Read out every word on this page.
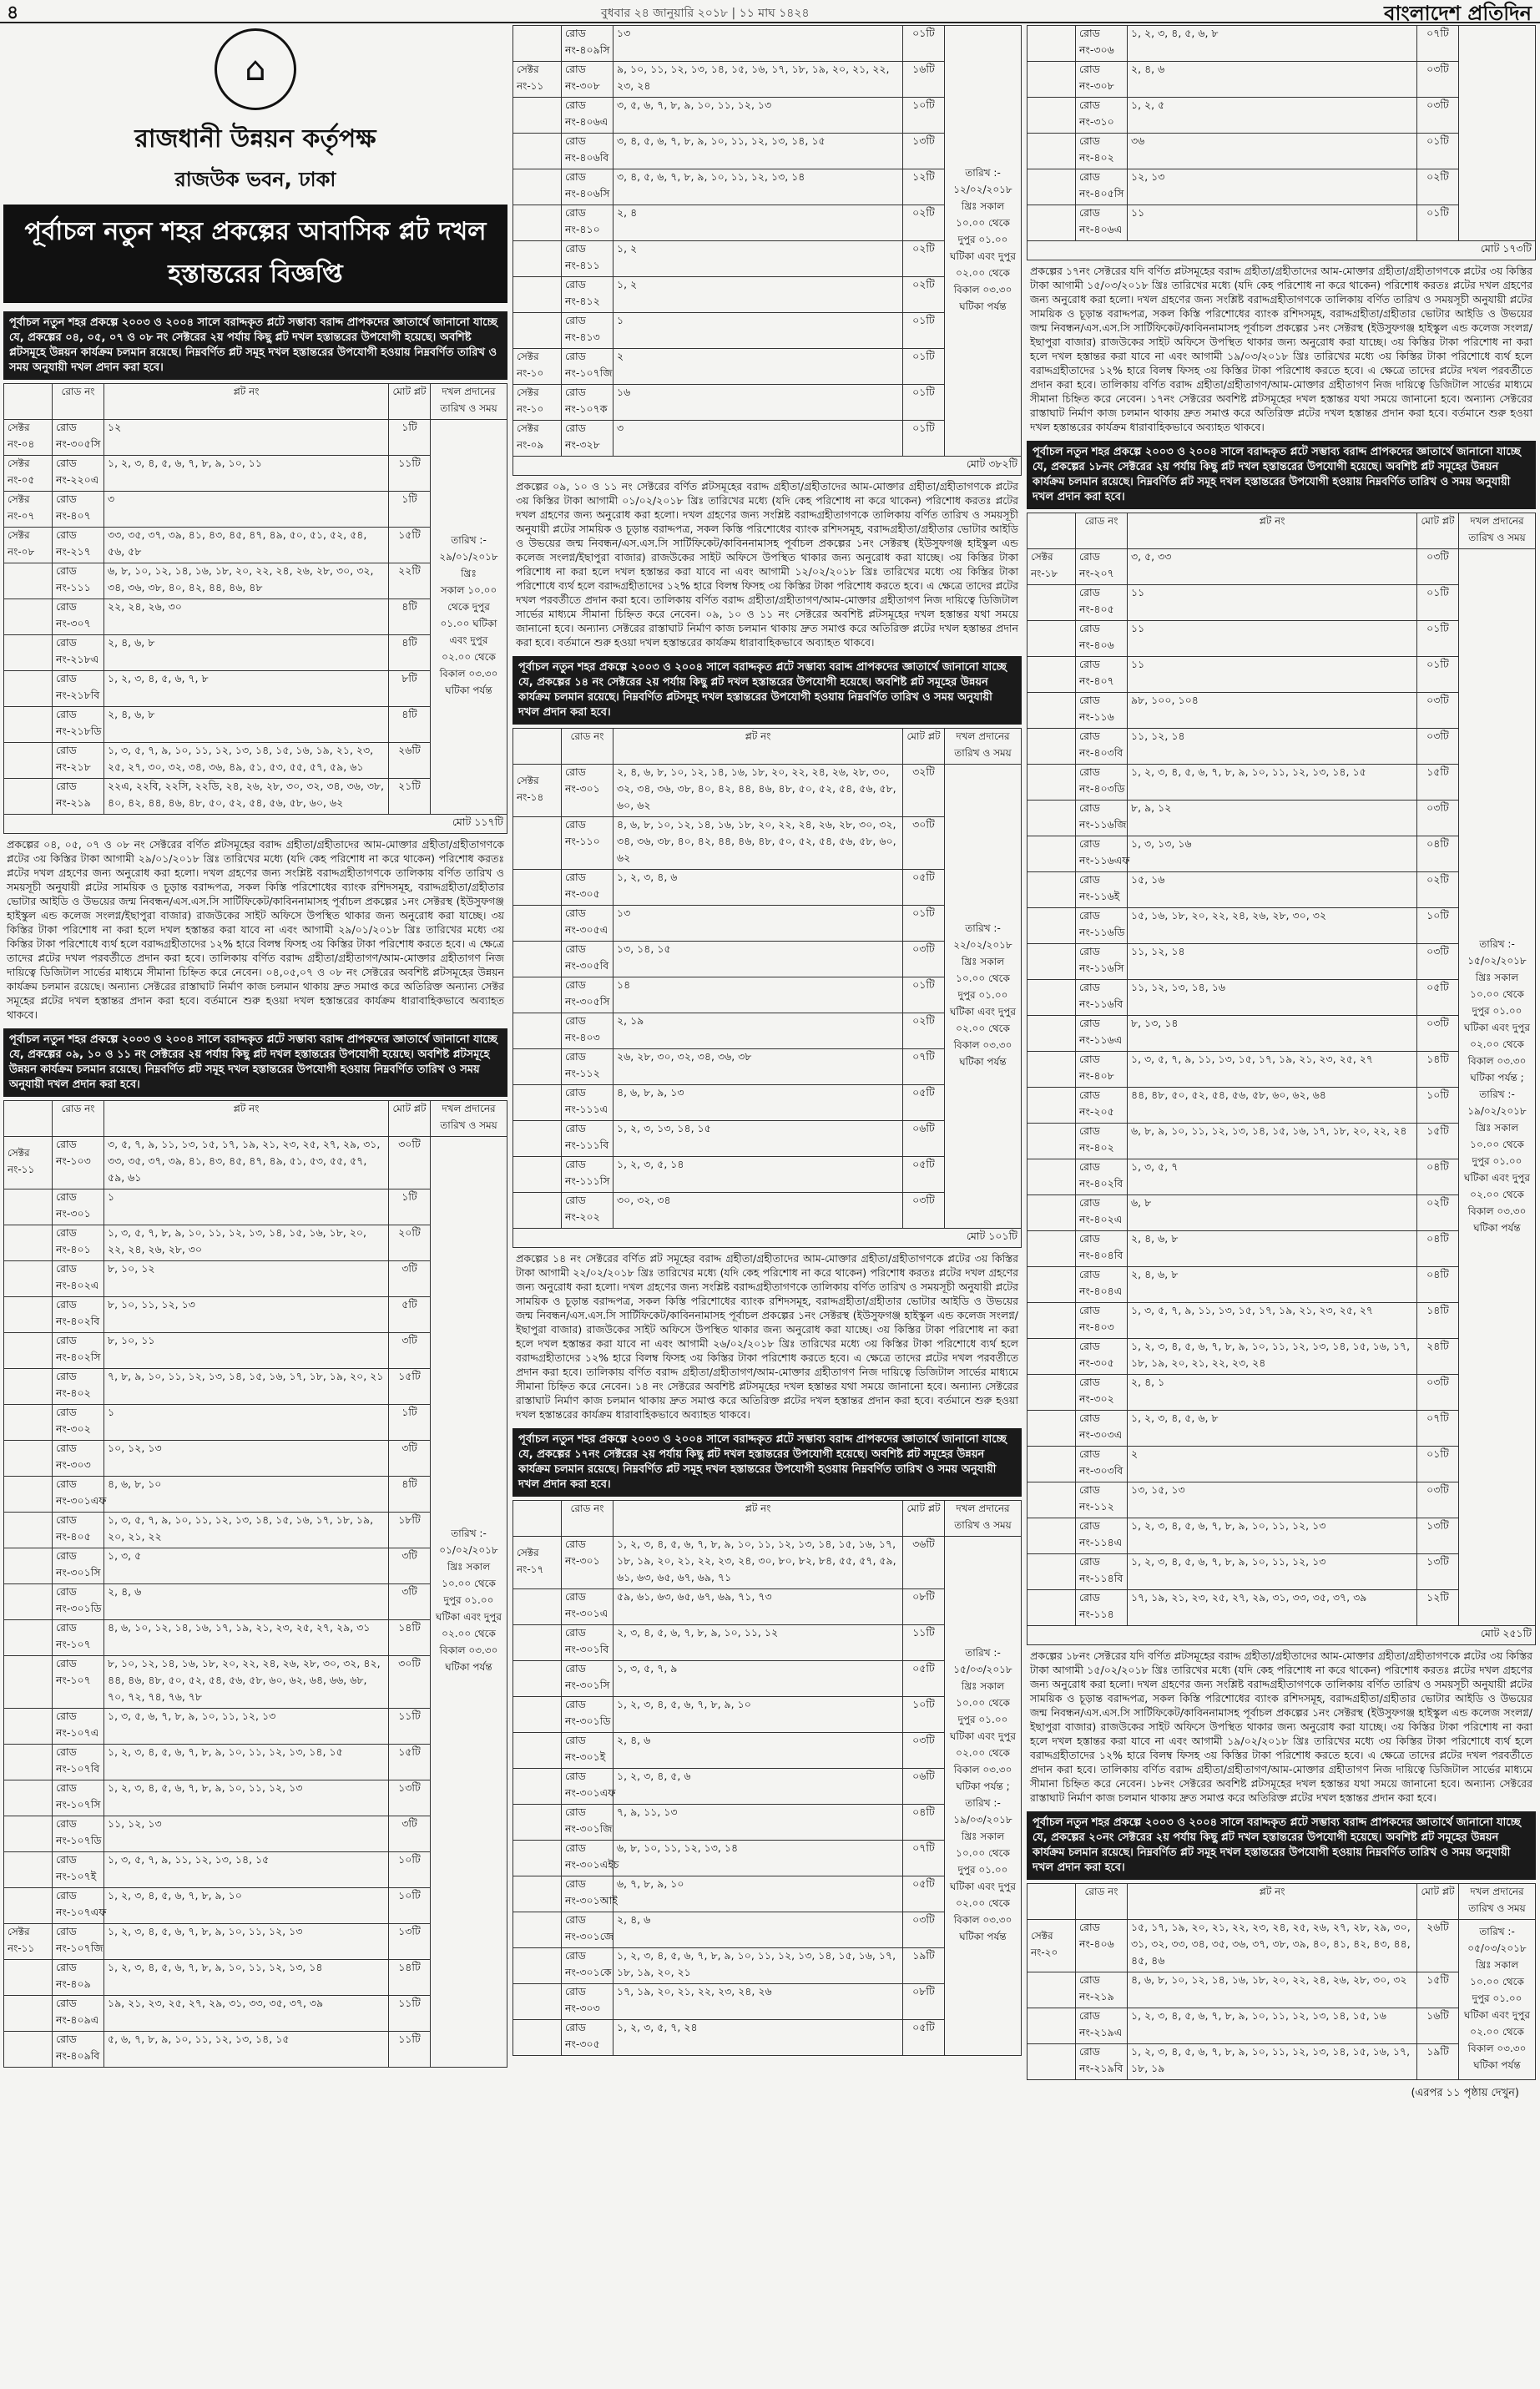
৪	বুধবার ২৪ জানুয়ারি ২০১৮ | ১১ মাঘ ১৪২৪	বাংলাদেশ প্রতিদিন
⌂
রাজধানী উন্নয়ন কর্তৃপক্ষ
রাজউক ভবন, ঢাকা
পূর্বাচল নতুন শহর প্রকল্পের আবাসিক প্লট দখল হস্তান্তরের বিজ্ঞপ্তি
পূর্বাচল নতুন শহর প্রকল্পে ২০০৩ ও ২০০৪ সালে বরাদ্দকৃত প্লটে সম্ভাব্য বরাদ্দ প্রাপকদের জ্ঞাতার্থে জানানো যাচ্ছে যে, প্রকল্পের ০৪, ০৫, ০৭ ও ০৮ নং সেক্টরের ২য় পর্যায় কিছু প্লট দখল হস্তান্তরের উপযোগী হয়েছে। অবশিষ্ট প্লটসমূহে উন্নয়ন কার্যক্রম চলমান রয়েছে। নিম্নবর্ণিত প্লট সমূহ দখল হস্তান্তরের উপযোগী হওয়ায় নিম্নবর্ণিত তারিখ ও সময় অনুযায়ী দখল প্রদান করা হবে।
	রোড নং	প্লট নং	মোট প্লট	দখল প্রদানের তারিখ ও সময়
সেক্টর নং-০৪	রোড নং-৩০৫সি	১২	১টি	তারিখ :- ২৯/০১/২০১৮ খ্রিঃ
সকাল ১০.০০ থেকে দুপুর ০১.০০ ঘটিকা এবং দুপুর ০২.০০ থেকে বিকাল ০৩.৩০ ঘটিকা পর্যন্ত

সেক্টর নং-০৫	রোড নং-২২০এ	১, ২, ৩, ৪, ৫, ৬, ৭, ৮, ৯, ১০, ১১	১১টি	
সেক্টর নং-০৭	রোড নং-৪০৭	৩	১টি	
সেক্টর নং-০৮	রোড নং-২১৭	৩৩, ৩৫, ৩৭, ৩৯, ৪১, ৪৩, ৪৫, ৪৭, ৪৯, ৫০, ৫১, ৫২, ৫৪, ৫৬, ৫৮	১৫টি	
	রোড নং-১১১	৬, ৮, ১০, ১২, ১৪, ১৬, ১৮, ২০, ২২, ২৪, ২৬, ২৮, ৩০, ৩২, ৩৪, ৩৬, ৩৮, ৪০, ৪২, ৪৪, ৪৬, ৪৮	২২টি	
	রোড নং-৩০৭	২২, ২৪, ২৬, ৩০	৪টি	
	রোড নং-২১৮এ	২, ৪, ৬, ৮	৪টি	
	রোড নং-২১৮বি	১, ২, ৩, ৪, ৫, ৬, ৭, ৮	৮টি	
	রোড নং-২১৮ডি	২, ৪, ৬, ৮	৪টি	
	রোড নং-২১৮	১, ৩, ৫, ৭, ৯, ১০, ১১, ১২, ১৩, ১৪, ১৫, ১৬, ১৯, ২১, ২৩, ২৫, ২৭, ৩০, ৩২, ৩৪, ৩৬, ৪৯, ৫১, ৫৩, ৫৫, ৫৭, ৫৯, ৬১	২৬টি	
	রোড নং-২১৯	২২এ, ২২বি, ২২সি, ২২ডি, ২৪, ২৬, ২৮, ৩০, ৩২, ৩৪, ৩৬, ৩৮, ৪০, ৪২, ৪৪, ৪৬, ৪৮, ৫০, ৫২, ৫৪, ৫৬, ৫৮, ৬০, ৬২	২১টি	
মোট ১১৭টি				
প্রকল্পের ০৪, ০৫, ০৭ ও ০৮ নং সেক্টরের বর্ণিত প্লটসমূহের বরাদ্দ গ্রহীতা/গ্রহীতাদের আম-মোক্তার গ্রহীতা/গ্রহীতাগণকে প্লটের ৩য় কিস্তির টাকা আগামী ২৯/০১/২০১৮ খ্রিঃ তারিখের মধ্যে (যদি কেহ পরিশোধ না করে থাকেন) পরিশোধ করতঃ প্লটের দখল গ্রহণের জন্য অনুরোধ করা হলো। দখল গ্রহণের জন্য সংশ্লিষ্ট বরাদ্দগ্রহীতাগণকে তালিকায় বর্ণিত তারিখ ও সময়সূচী অনুযায়ী প্লটের সাময়িক ও চূড়ান্ত বরাদ্দপত্র, সকল কিস্তি পরিশোধের ব্যাংক রশিদসমূহ, বরাদ্দগ্রহীতা/গ্রহীতার ভোটার আইডি ও উভয়ের জন্ম নিবন্ধন/এস.এস.সি সার্টিফিকেট/কাবিননামাসহ পূর্বাচল প্রকল্পের ১নং সেক্টরস্থ (ইউসুফগঞ্জ হাইস্কুল এন্ড কলেজ সংলগ্ন/ইছাপুরা বাজার) রাজউকের সাইট অফিসে উপস্থিত থাকার জন্য অনুরোধ করা যাচ্ছে। ৩য় কিস্তির টাকা পরিশোধ না করা হলে দখল হস্তান্তর করা যাবে না এবং আগামী ২৯/০১/২০১৮ খ্রিঃ তারিখের মধ্যে ৩য় কিস্তির টাকা পরিশোধে ব্যর্থ হলে বরাদ্দগ্রহীতাদের ১২% হারে বিলম্ব ফিসহ ৩য় কিস্তির টাকা পরিশোধ করতে হবে। এ ক্ষেত্রে তাদের প্লটের দখল পরবর্তীতে প্রদান করা হবে। তালিকায় বর্ণিত বরাদ্দ গ্রহীতা/গ্রহীতাগণ/আম-মোক্তার গ্রহীতাগণ নিজ দায়িত্বে ডিজিটাল সার্ভের মাধ্যমে সীমানা চিহ্নিত করে নেবেন। ০৪,০৫,০৭ ও ০৮ নং সেক্টরের অবশিষ্ট প্লটসমূহের উন্নয়ন কার্যক্রম চলমান রয়েছে। অন্যান্য সেক্টরের রাস্তাঘাট নির্মাণ কাজ চলমান থাকায় দ্রুত সমাপ্ত করে অতিরিক্ত অন্যান্য সেক্টর সমূহের প্লটের দখল হস্তান্তর প্রদান করা হবে। বর্তমানে শুরু হওয়া দখল হস্তান্তরের কার্যক্রম ধারাবাহিকভাবে অব্যাহত থাকবে।
পূর্বাচল নতুন শহর প্রকল্পে ২০০৩ ও ২০০৪ সালে বরাদ্দকৃত প্লটে সম্ভাব্য বরাদ্দ প্রাপকদের জ্ঞাতার্থে জানানো যাচ্ছে যে, প্রকল্পের ০৯, ১০ ও ১১ নং সেক্টরের ২য় পর্যায় কিছু প্লট দখল হস্তান্তরের উপযোগী হয়েছে। অবশিষ্ট প্লটসমূহে উন্নয়ন কার্যক্রম চলমান রয়েছে। নিম্নবর্ণিত প্লট সমূহ দখল হস্তান্তরের উপযোগী হওয়ায় নিম্নবর্ণিত তারিখ ও সময় অনুযায়ী দখল প্রদান করা হবে।
	রোড নং	প্লট নং	মোট প্লট	দখল প্রদানের তারিখ ও সময়
সেক্টর নং-১১	রোড নং-১০৩	৩, ৫, ৭, ৯, ১১, ১৩, ১৫, ১৭, ১৯, ২১, ২৩, ২৫, ২৭, ২৯, ৩১, ৩৩, ৩৫, ৩৭, ৩৯, ৪১, ৪৩, ৪৫, ৪৭, ৪৯, ৫১, ৫৩, ৫৫, ৫৭, ৫৯, ৬১	৩০টি	তারিখ :- ০১/০২/২০১৮ খ্রিঃ সকাল ১০.০০ থেকে দুপুর ০১.০০ ঘটিকা এবং দুপুর ০২.০০ থেকে বিকাল ০৩.৩০ ঘটিকা পর্যন্ত
	রোড নং-৩০১	১	১টি	
	রোড নং-৪০১	১, ৩, ৫, ৭, ৮, ৯, ১০, ১১, ১২, ১৩, ১৪, ১৫, ১৬, ১৮, ২০, ২২, ২৪, ২৬, ২৮, ৩০	২০টি	
	রোড নং-৪০২এ	৮, ১০, ১২	৩টি	
	রোড নং-৪০২বি	৮, ১০, ১১, ১২, ১৩	৫টি	
	রোড নং-৪০২সি	৮, ১০, ১১	৩টি	
	রোড নং-৪০২	৭, ৮, ৯, ১০, ১১, ১২, ১৩, ১৪, ১৫, ১৬, ১৭, ১৮, ১৯, ২০, ২১	১৫টি	
	রোড নং-৩০২	১	১টি	
	রোড নং-৩০৩	১০, ১২, ১৩	৩টি	
	রোড নং-৩০১এফ	৪, ৬, ৮, ১০	৪টি	
	রোড নং-৪০৫	১, ৩, ৫, ৭, ৯, ১০, ১১, ১২, ১৩, ১৪, ১৫, ১৬, ১৭, ১৮, ১৯, ২০, ২১, ২২	১৮টি	
	রোড নং-৩০১সি	১, ৩, ৫	৩টি	
	রোড নং-৩০১ডি	২, ৪, ৬	৩টি	
	রোড নং-১০৭	৪, ৬, ১০, ১২, ১৪, ১৬, ১৭, ১৯, ২১, ২৩, ২৫, ২৭, ২৯, ৩১	১৪টি	
	রোড নং-১০৭	৮, ১০, ১২, ১৪, ১৬, ১৮, ২০, ২২, ২৪, ২৬, ২৮, ৩০, ৩২, ৪২, ৪৪, ৪৬, ৪৮, ৫০, ৫২, ৫৪, ৫৬, ৫৮, ৬০, ৬২, ৬৪, ৬৬, ৬৮, ৭০, ৭২, ৭৪, ৭৬, ৭৮	৩০টি	
	রোড নং-১০৭এ	১, ৩, ৫, ৬, ৭, ৮, ৯, ১০, ১১, ১২, ১৩	১১টি	
	রোড নং-১০৭বি	১, ২, ৩, ৪, ৫, ৬, ৭, ৮, ৯, ১০, ১১, ১২, ১৩, ১৪, ১৫	১৫টি	
	রোড নং-১০৭সি	১, ২, ৩, ৪, ৫, ৬, ৭, ৮, ৯, ১০, ১১, ১২, ১৩	১৩টি	
	রোড নং-১০৭ডি	১১, ১২, ১৩	৩টি	
	রোড নং-১০৭ই	১, ৩, ৫, ৭, ৯, ১১, ১২, ১৩, ১৪, ১৫	১০টি	
	রোড নং-১০৭এফ	১, ২, ৩, ৪, ৫, ৬, ৭, ৮, ৯, ১০	১০টি	
সেক্টর নং-১১	রোড নং-১০৭জি	১, ২, ৩, ৪, ৫, ৬, ৭, ৮, ৯, ১০, ১১, ১২, ১৩	১৩টি	
	রোড নং-৪০৯	১, ২, ৩, ৪, ৫, ৬, ৭, ৮, ৯, ১০, ১১, ১২, ১৩, ১৪	১৪টি	
	রোড নং-৪০৯এ	১৯, ২১, ২৩, ২৫, ২৭, ২৯, ৩১, ৩৩, ৩৫, ৩৭, ৩৯	১১টি	
	রোড নং-৪০৯বি	৫, ৬, ৭, ৮, ৯, ১০, ১১, ১২, ১৩, ১৪, ১৫	১১টি	
	রোড নং-৪০৯সি	১৩	০১টি	তারিখ :- ১২/০২/২০১৮ খ্রিঃ সকাল ১০.০০ থেকে দুপুর ০১.০০ ঘটিকা এবং দুপুর ০২.০০ থেকে বিকাল ০৩.৩০ ঘটিকা পর্যন্ত
সেক্টর নং-১১	রোড নং-৩০৮	৯, ১০, ১১, ১২, ১৩, ১৪, ১৫, ১৬, ১৭, ১৮, ১৯, ২০, ২১, ২২, ২৩, ২৪	১৬টি	
	রোড নং-৪০৬এ	৩, ৫, ৬, ৭, ৮, ৯, ১০, ১১, ১২, ১৩	১০টি	
	রোড নং-৪০৬বি	৩, ৪, ৫, ৬, ৭, ৮, ৯, ১০, ১১, ১২, ১৩, ১৪, ১৫	১৩টি	
	রোড নং-৪০৬সি	৩, ৪, ৫, ৬, ৭, ৮, ৯, ১০, ১১, ১২, ১৩, ১৪	১২টি	
	রোড নং-৪১০	২, ৪	০২টি	
	রোড নং-৪১১	১, ২	০২টি	
	রোড নং-৪১২	১, ২	০২টি	
	রোড নং-৪১৩	১	০১টি	
সেক্টর নং-১০	রোড নং-১০৭জি	২	০১টি	
সেক্টর নং-১০	রোড নং-১০৭ক	১৬	০১টি	
সেক্টর নং-০৯	রোড নং-৩২৮	৩	০১টি	
মোট ৩৮২টি				
প্রকল্পের ০৯, ১০ ও ১১ নং সেক্টরের বর্ণিত প্লটসমূহের বরাদ্দ গ্রহীতা/গ্রহীতাদের আম-মোক্তার গ্রহীতা/গ্রহীতাগণকে প্লটের ৩য় কিস্তির টাকা আগামী ০১/০২/২০১৮ খ্রিঃ তারিখের মধ্যে (যদি কেহ পরিশোধ না করে থাকেন) পরিশোধ করতঃ প্লটের দখল গ্রহণের জন্য অনুরোধ করা হলো। দখল গ্রহণের জন্য সংশ্লিষ্ট বরাদ্দগ্রহীতাগণকে তালিকায় বর্ণিত তারিখ ও সময়সূচী অনুযায়ী প্লটের সাময়িক ও চূড়ান্ত বরাদ্দপত্র, সকল কিস্তি পরিশোধের ব্যাংক রশিদসমূহ, বরাদ্দগ্রহীতা/গ্রহীতার ভোটার আইডি ও উভয়ের জন্ম নিবন্ধন/এস.এস.সি সার্টিফিকেট/কাবিননামাসহ পূর্বাচল প্রকল্পের ১নং সেক্টরস্থ (ইউসুফগঞ্জ হাইস্কুল এন্ড কলেজ সংলগ্ন/ইছাপুরা বাজার) রাজউকের সাইট অফিসে উপস্থিত থাকার জন্য অনুরোধ করা যাচ্ছে। ৩য় কিস্তির টাকা পরিশোধ না করা হলে দখল হস্তান্তর করা যাবে না এবং আগামী ১২/০২/২০১৮ খ্রিঃ তারিখের মধ্যে ৩য় কিস্তির টাকা পরিশোধে ব্যর্থ হলে বরাদ্দগ্রহীতাদের ১২% হারে বিলম্ব ফিসহ ৩য় কিস্তির টাকা পরিশোধ করতে হবে। এ ক্ষেত্রে তাদের প্লটের দখল পরবর্তীতে প্রদান করা হবে। তালিকায় বর্ণিত বরাদ্দ গ্রহীতা/গ্রহীতাগণ/আম-মোক্তার গ্রহীতাগণ নিজ দায়িত্বে ডিজিটাল সার্ভের মাধ্যমে সীমানা চিহ্নিত করে নেবেন। ০৯, ১০ ও ১১ নং সেক্টরের অবশিষ্ট প্লটসমূহের দখল হস্তান্তর যথা সময়ে জানানো হবে। অন্যান্য সেক্টরের রাস্তাঘাট নির্মাণ কাজ চলমান থাকায় দ্রুত সমাপ্ত করে অতিরিক্ত প্লটের দখল হস্তান্তর প্রদান করা হবে। বর্তমানে শুরু হওয়া দখল হস্তান্তরের কার্যক্রম ধারাবাহিকভাবে অব্যাহত থাকবে।
পূর্বাচল নতুন শহর প্রকল্পে ২০০৩ ও ২০০৪ সালে বরাদ্দকৃত প্লটে সম্ভাব্য বরাদ্দ প্রাপকদের জ্ঞাতার্থে জানানো যাচ্ছে যে, প্রকল্পের ১৪ নং সেক্টরের ২য় পর্যায় কিছু প্লট দখল হস্তান্তরের উপযোগী হয়েছে। অবশিষ্ট প্লট সমূহের উন্নয়ন কার্যক্রম চলমান রয়েছে। নিম্নবর্ণিত প্লটসমূহ দখল হস্তান্তরের উপযোগী হওয়ায় নিম্নবর্ণিত তারিখ ও সময় অনুযায়ী দখল প্রদান করা হবে।
	রোড নং	প্লট নং	মোট প্লট	দখল প্রদানের তারিখ ও সময়
সেক্টর নং-১৪	রোড নং-৩০১	২, ৪, ৬, ৮, ১০, ১২, ১৪, ১৬, ১৮, ২০, ২২, ২৪, ২৬, ২৮, ৩০, ৩২, ৩৪, ৩৬, ৩৮, ৪০, ৪২, ৪৪, ৪৬, ৪৮, ৫০, ৫২, ৫৪, ৫৬, ৫৮, ৬০, ৬২	৩২টি	তারিখ :- ২২/০২/২০১৮ খ্রিঃ সকাল ১০.০০ থেকে দুপুর ০১.০০ ঘটিকা এবং দুপুর ০২.০০ থেকে বিকাল ০৩.৩০ ঘটিকা পর্যন্ত
	রোড নং-১১০	৪, ৬, ৮, ১০, ১২, ১৪, ১৬, ১৮, ২০, ২২, ২৪, ২৬, ২৮, ৩০, ৩২, ৩৪, ৩৬, ৩৮, ৪০, ৪২, ৪৪, ৪৬, ৪৮, ৫০, ৫২, ৫৪, ৫৬, ৫৮, ৬০, ৬২	৩০টি	
	রোড নং-৩০৫	১, ২, ৩, ৪, ৬	০৫টি	
	রোড নং-৩০৫এ	১৩	০১টি	
	রোড নং-৩০৫বি	১৩, ১৪, ১৫	০৩টি	
	রোড নং-৩০৫সি	১৪	০১টি	
	রোড নং-৪০৩	২, ১৯	০২টি	
	রোড নং-১১২	২৬, ২৮, ৩০, ৩২, ৩৪, ৩৬, ৩৮	০৭টি	
	রোড নং-১১১এ	৪, ৬, ৮, ৯, ১৩	০৫টি	
	রোড নং-১১১বি	১, ২, ৩, ১৩, ১৪, ১৫	০৬টি	
	রোড নং-১১১সি	১, ২, ৩, ৫, ১৪	০৫টি	
	রোড নং-২০২	৩০, ৩২, ৩৪	০৩টি	
মোট ১০১টি				
প্রকল্পের ১৪ নং সেক্টরের বর্ণিত প্লট সমূহের বরাদ্দ গ্রহীতা/গ্রহীতাদের আম-মোক্তার গ্রহীতা/গ্রহীতাগণকে প্লটের ৩য় কিস্তির টাকা আগামী ২২/০২/২০১৮ খ্রিঃ তারিখের মধ্যে (যদি কেহ পরিশোধ না করে থাকেন) পরিশোধ করতঃ প্লটের দখল গ্রহণের জন্য অনুরোধ করা হলো। দখল গ্রহণের জন্য সংশ্লিষ্ট বরাদ্দগ্রহীতাগণকে তালিকায় বর্ণিত তারিখ ও সময়সূচী অনুযায়ী প্লটের সাময়িক ও চূড়ান্ত বরাদ্দপত্র, সকল কিস্তি পরিশোধের ব্যাংক রশিদসমূহ, বরাদ্দগ্রহীতা/গ্রহীতার ভোটার আইডি ও উভয়ের জন্ম নিবন্ধন/এস.এস.সি সার্টিফিকেট/কাবিননামাসহ পূর্বাচল প্রকল্পের ১নং সেক্টরস্থ (ইউসুফগঞ্জ হাইস্কুল এন্ড কলেজ সংলগ্ন/ইছাপুরা বাজার) রাজউকের সাইট অফিসে উপস্থিত থাকার জন্য অনুরোধ করা যাচ্ছে। ৩য় কিস্তির টাকা পরিশোধ না করা হলে দখল হস্তান্তর করা যাবে না এবং আগামী ২৬/০২/২০১৮ খ্রিঃ তারিখের মধ্যে ৩য় কিস্তির টাকা পরিশোধে ব্যর্থ হলে বরাদ্দগ্রহীতাদের ১২% হারে বিলম্ব ফিসহ ৩য় কিস্তির টাকা পরিশোধ করতে হবে। এ ক্ষেত্রে তাদের প্লটের দখল পরবর্তীতে প্রদান করা হবে। তালিকায় বর্ণিত বরাদ্দ গ্রহীতা/গ্রহীতাগণ/আম-মোক্তার গ্রহীতাগণ নিজ দায়িত্বে ডিজিটাল সার্ভের মাধ্যমে সীমানা চিহ্নিত করে নেবেন। ১৪ নং সেক্টরের অবশিষ্ট প্লটসমূহের দখল হস্তান্তর যথা সময়ে জানানো হবে। অন্যান্য সেক্টরের রাস্তাঘাট নির্মাণ কাজ চলমান থাকায় দ্রুত সমাপ্ত করে অতিরিক্ত প্লটের দখল হস্তান্তর প্রদান করা হবে। বর্তমানে শুরু হওয়া দখল হস্তান্তরের কার্যক্রম ধারাবাহিকভাবে অব্যাহত থাকবে।
পূর্বাচল নতুন শহর প্রকল্পে ২০০৩ ও ২০০৪ সালে বরাদ্দকৃত প্লটে সম্ভাব্য বরাদ্দ প্রাপকদের জ্ঞাতার্থে জানানো যাচ্ছে যে, প্রকল্পের ১৭নং সেক্টরের ২য় পর্যায় কিছু প্লট দখল হস্তান্তরের উপযোগী হয়েছে। অবশিষ্ট প্লট সমূহের উন্নয়ন কার্যক্রম চলমান রয়েছে। নিম্নবর্ণিত প্লট সমূহ দখল হস্তান্তরের উপযোগী হওয়ায় নিম্নবর্ণিত তারিখ ও সময় অনুযায়ী দখল প্রদান করা হবে।
	রোড নং	প্লট নং	মোট প্লট	দখল প্রদানের তারিখ ও সময়
সেক্টর নং-১৭	রোড নং-৩০১	১, ২, ৩, ৪, ৫, ৬, ৭, ৮, ৯, ১০, ১১, ১২, ১৩, ১৪, ১৫, ১৬, ১৭, ১৮, ১৯, ২০, ২১, ২২, ২৩, ২৪, ৩০, ৮০, ৮২, ৮৪, ৫৫, ৫৭, ৫৯, ৬১, ৬৩, ৬৫, ৬৭, ৬৯, ৭১	৩৬টি	তারিখ :- ১৫/০৩/২০১৮ খ্রিঃ সকাল ১০.০০ থেকে দুপুর ০১.০০ ঘটিকা এবং দুপুর ০২.০০ থেকে বিকাল ০৩.৩০ ঘটিকা পর্যন্ত ; তারিখ :- ১৯/০৩/২০১৮ খ্রিঃ সকাল ১০.০০ থেকে দুপুর ০১.০০ ঘটিকা এবং দুপুর ০২.০০ থেকে বিকাল ০৩.৩০ ঘটিকা পর্যন্ত
	রোড নং-৩০১এ	৫৯, ৬১, ৬৩, ৬৫, ৬৭, ৬৯, ৭১, ৭৩	০৮টি	
	রোড নং-৩০১বি	২, ৩, ৪, ৫, ৬, ৭, ৮, ৯, ১০, ১১, ১২	১১টি	
	রোড নং-৩০১সি	১, ৩, ৫, ৭, ৯	০৫টি	
	রোড নং-৩০১ডি	১, ২, ৩, ৪, ৫, ৬, ৭, ৮, ৯, ১০	১০টি	
	রোড নং-৩০১ই	২, ৪, ৬	০৩টি	
	রোড নং-৩০১এফ	১, ২, ৩, ৪, ৫, ৬	০৬টি	
	রোড নং-৩০১জি	৭, ৯, ১১, ১৩	০৪টি	
	রোড নং-৩০১এইচ	৬, ৮, ১০, ১১, ১২, ১৩, ১৪	০৭টি	
	রোড নং-৩০১আই	৬, ৭, ৮, ৯, ১০	০৫টি	
	রোড নং-৩০১জে	২, ৪, ৬	০৩টি	
	রোড নং-৩০১কে	১, ২, ৩, ৪, ৫, ৬, ৭, ৮, ৯, ১০, ১১, ১২, ১৩, ১৪, ১৫, ১৬, ১৭, ১৮, ১৯, ২০, ২১	১৯টি	
	রোড নং-৩০৩	১৭, ১৯, ২০, ২১, ২২, ২৩, ২৪, ২৬	০৮টি	
	রোড নং-৩০৫	১, ২, ৩, ৫, ৭, ২৪	০৫টি	
	রোড নং-৩০৬	১, ২, ৩, ৪, ৫, ৬, ৮	০৭টি	
	রোড নং-৩০৮	২, ৪, ৬	০৩টি	
	রোড নং-৩১০	১, ২, ৫	০৩টি	
	রোড নং-৪০২	৩৬	০১টি	
	রোড নং-৪০৫সি	১২, ১৩	০২টি	
	রোড নং-৪০৬এ	১১	০১টি	
মোট ১৭৩টি				
প্রকল্পের ১৭নং সেক্টরের যদি বর্ণিত প্লটসমূহের বরাদ্দ গ্রহীতা/গ্রহীতাদের আম-মোক্তার গ্রহীতা/গ্রহীতাগণকে প্লটের ৩য় কিস্তির টাকা আগামী ১৫/০৩/২০১৮ খ্রিঃ তারিখের মধ্যে (যদি কেহ পরিশোধ না করে থাকেন) পরিশোধ করতঃ প্লটের দখল গ্রহণের জন্য অনুরোধ করা হলো। দখল গ্রহণের জন্য সংশ্লিষ্ট বরাদ্দগ্রহীতাগণকে তালিকায় বর্ণিত তারিখ ও সময়সূচী অনুযায়ী প্লটের সাময়িক ও চূড়ান্ত বরাদ্দপত্র, সকল কিস্তি পরিশোধের ব্যাংক রশিদসমূহ, বরাদ্দগ্রহীতা/গ্রহীতার ভোটার আইডি ও উভয়ের জন্ম নিবন্ধন/এস.এস.সি সার্টিফিকেট/কাবিননামাসহ পূর্বাচল প্রকল্পের ১নং সেক্টরস্থ (ইউসুফগঞ্জ হাইস্কুল এন্ড কলেজ সংলগ্ন/ইছাপুরা বাজার) রাজউকের সাইট অফিসে উপস্থিত থাকার জন্য অনুরোধ করা যাচ্ছে। ৩য় কিস্তির টাকা পরিশোধ না করা হলে দখল হস্তান্তর করা যাবে না এবং আগামী ১৯/০৩/২০১৮ খ্রিঃ তারিখের মধ্যে ৩য় কিস্তির টাকা পরিশোধে ব্যর্থ হলে বরাদ্দগ্রহীতাদের ১২% হারে বিলম্ব ফিসহ ৩য় কিস্তির টাকা পরিশোধ করতে হবে। এ ক্ষেত্রে তাদের প্লটের দখল পরবর্তীতে প্রদান করা হবে। তালিকায় বর্ণিত বরাদ্দ গ্রহীতা/গ্রহীতাগণ/আম-মোক্তার গ্রহীতাগণ নিজ দায়িত্বে ডিজিটাল সার্ভের মাধ্যমে সীমানা চিহ্নিত করে নেবেন। ১৭নং সেক্টরের অবশিষ্ট প্লটসমূহের দখল হস্তান্তর যথা সময়ে জানানো হবে। অন্যান্য সেক্টরের রাস্তাঘাট নির্মাণ কাজ চলমান থাকায় দ্রুত সমাপ্ত করে অতিরিক্ত প্লটের দখল হস্তান্তর প্রদান করা হবে। বর্তমানে শুরু হওয়া দখল হস্তান্তরের কার্যক্রম ধারাবাহিকভাবে অব্যাহত থাকবে।
পূর্বাচল নতুন শহর প্রকল্পে ২০০৩ ও ২০০৪ সালে বরাদ্দকৃত প্লটে সম্ভাব্য বরাদ্দ প্রাপকদের জ্ঞাতার্থে জানানো যাচ্ছে যে, প্রকল্পের ১৮নং সেক্টরের ২য় পর্যায় কিছু প্লট দখল হস্তান্তরের উপযোগী হয়েছে। অবশিষ্ট প্লট সমূহের উন্নয়ন কার্যক্রম চলমান রয়েছে। নিম্নবর্ণিত প্লট সমূহ দখল হস্তান্তরের উপযোগী হওয়ায় নিম্নবর্ণিত তারিখ ও সময় অনুযায়ী দখল প্রদান করা হবে।
	রোড নং	প্লট নং	মোট প্লট	দখল প্রদানের তারিখ ও সময়
সেক্টর নং-১৮	রোড নং-২০৭	৩, ৫, ৩৩	০৩টি	তারিখ :- ১৫/০২/২০১৮ খ্রিঃ সকাল ১০.০০ থেকে দুপুর ০১.০০ ঘটিকা এবং দুপুর ০২.০০ থেকে বিকাল ০৩.৩০ ঘটিকা পর্যন্ত ; তারিখ :- ১৯/০২/২০১৮ খ্রিঃ সকাল ১০.০০ থেকে দুপুর ০১.০০ ঘটিকা এবং দুপুর ০২.০০ থেকে বিকাল ০৩.৩০ ঘটিকা পর্যন্ত
	রোড নং-৪০৫	১১	০১টি	
	রোড নং-৪০৬	১১	০১টি	
	রোড নং-৪০৭	১১	০১টি	
	রোড নং-১১৬	৯৮, ১০০, ১০৪	০৩টি	
	রোড নং-৪০৩বি	১১, ১২, ১৪	০৩টি	
	রোড নং-৪০৩ডি	১, ২, ৩, ৪, ৫, ৬, ৭, ৮, ৯, ১০, ১১, ১২, ১৩, ১৪, ১৫	১৫টি	
	রোড নং-১১৬জি	৮, ৯, ১২	০৩টি	
	রোড নং-১১৬এফ	১, ৩, ১৩, ১৬	০৪টি	
	রোড নং-১১৬ই	১৫, ১৬	০২টি	
	রোড নং-১১৬ডি	১৫, ১৬, ১৮, ২০, ২২, ২৪, ২৬, ২৮, ৩০, ৩২	১০টি	
	রোড নং-১১৬সি	১১, ১২, ১৪	০৩টি	
	রোড নং-১১৬বি	১১, ১২, ১৩, ১৪, ১৬	০৫টি	
	রোড নং-১১৬এ	৮, ১৩, ১৪	০৩টি	
	রোড নং-৪০৮	১, ৩, ৫, ৭, ৯, ১১, ১৩, ১৫, ১৭, ১৯, ২১, ২৩, ২৫, ২৭	১৪টি	
	রোড নং-২০৫	৪৪, ৪৮, ৫০, ৫২, ৫৪, ৫৬, ৫৮, ৬০, ৬২, ৬৪	১০টি	
	রোড নং-৪০২	৬, ৮, ৯, ১০, ১১, ১২, ১৩, ১৪, ১৫, ১৬, ১৭, ১৮, ২০, ২২, ২৪	১৫টি	
	রোড নং-৪০২বি	১, ৩, ৫, ৭	০৪টি	
	রোড নং-৪০২এ	৬, ৮	০২টি	
	রোড নং-৪০৪বি	২, ৪, ৬, ৮	০৪টি	
	রোড নং-৪০৪এ	২, ৪, ৬, ৮	০৪টি	
	রোড নং-৪০৩	১, ৩, ৫, ৭, ৯, ১১, ১৩, ১৫, ১৭, ১৯, ২১, ২৩, ২৫, ২৭	১৪টি	
	রোড নং-৩০৫	১, ২, ৩, ৪, ৫, ৬, ৭, ৮, ৯, ১০, ১১, ১২, ১৩, ১৪, ১৫, ১৬, ১৭, ১৮, ১৯, ২০, ২১, ২২, ২৩, ২৪	২৪টি	
	রোড নং-৩০২	২, ৪, ১	০৩টি	
	রোড নং-৩০৩এ	১, ২, ৩, ৪, ৫, ৬, ৮	০৭টি	
	রোড নং-৩০৩বি	২	০১টি	
	রোড নং-১১২	১৩, ১৫, ১৩	০৩টি	
	রোড নং-১১৪এ	১, ২, ৩, ৪, ৫, ৬, ৭, ৮, ৯, ১০, ১১, ১২, ১৩	১৩টি	
	রোড নং-১১৪বি	১, ২, ৩, ৪, ৫, ৬, ৭, ৮, ৯, ১০, ১১, ১২, ১৩	১৩টি	
	রোড নং-১১৪	১৭, ১৯, ২১, ২৩, ২৫, ২৭, ২৯, ৩১, ৩৩, ৩৫, ৩৭, ৩৯	১২টি	
মোট ২৫১টি				
প্রকল্পের ১৮নং সেক্টরের যদি বর্ণিত প্লটসমূহের বরাদ্দ গ্রহীতা/গ্রহীতাদের আম-মোক্তার গ্রহীতা/গ্রহীতাগণকে প্লটের ৩য় কিস্তির টাকা আগামী ১৫/০২/২০১৮ খ্রিঃ তারিখের মধ্যে (যদি কেহ পরিশোধ না করে থাকেন) পরিশোধ করতঃ প্লটের দখল গ্রহণের জন্য অনুরোধ করা হলো। দখল গ্রহণের জন্য সংশ্লিষ্ট বরাদ্দগ্রহীতাগণকে তালিকায় বর্ণিত তারিখ ও সময়সূচী অনুযায়ী প্লটের সাময়িক ও চূড়ান্ত বরাদ্দপত্র, সকল কিস্তি পরিশোধের ব্যাংক রশিদসমূহ, বরাদ্দগ্রহীতা/গ্রহীতার ভোটার আইডি ও উভয়ের জন্ম নিবন্ধন/এস.এস.সি সার্টিফিকেট/কাবিননামাসহ পূর্বাচল প্রকল্পের ১নং সেক্টরস্থ (ইউসুফগঞ্জ হাইস্কুল এন্ড কলেজ সংলগ্ন/ইছাপুরা বাজার) রাজউকের সাইট অফিসে উপস্থিত থাকার জন্য অনুরোধ করা যাচ্ছে। ৩য় কিস্তির টাকা পরিশোধ না করা হলে দখল হস্তান্তর করা যাবে না এবং আগামী ১৯/০২/২০১৮ খ্রিঃ তারিখের মধ্যে ৩য় কিস্তির টাকা পরিশোধে ব্যর্থ হলে বরাদ্দগ্রহীতাদের ১২% হারে বিলম্ব ফিসহ ৩য় কিস্তির টাকা পরিশোধ করতে হবে। এ ক্ষেত্রে তাদের প্লটের দখল পরবর্তীতে প্রদান করা হবে। তালিকায় বর্ণিত বরাদ্দ গ্রহীতা/গ্রহীতাগণ/আম-মোক্তার গ্রহীতাগণ নিজ দায়িত্বে ডিজিটাল সার্ভের মাধ্যমে সীমানা চিহ্নিত করে নেবেন। ১৮নং সেক্টরের অবশিষ্ট প্লটসমূহের দখল হস্তান্তর যথা সময়ে জানানো হবে। অন্যান্য সেক্টরের রাস্তাঘাট নির্মাণ কাজ চলমান থাকায় দ্রুত সমাপ্ত করে অতিরিক্ত প্লটের দখল হস্তান্তর প্রদান করা হবে।
পূর্বাচল নতুন শহর প্রকল্পে ২০০৩ ও ২০০৪ সালে বরাদ্দকৃত প্লটে সম্ভাব্য বরাদ্দ প্রাপকদের জ্ঞাতার্থে জানানো যাচ্ছে যে, প্রকল্পের ২০নং সেক্টরের ২য় পর্যায় কিছু প্লট দখল হস্তান্তরের উপযোগী হয়েছে। অবশিষ্ট প্লট সমূহের উন্নয়ন কার্যক্রম চলমান রয়েছে। নিম্নবর্ণিত প্লট সমূহ দখল হস্তান্তরের উপযোগী হওয়ায় নিম্নবর্ণিত তারিখ ও সময় অনুযায়ী দখল প্রদান করা হবে।
	রোড নং	প্লট নং	মোট প্লট	দখল প্রদানের তারিখ ও সময়
সেক্টর নং-২০	রোড নং-৪০৬	১৫, ১৭, ১৯, ২০, ২১, ২২, ২৩, ২৪, ২৫, ২৬, ২৭, ২৮, ২৯, ৩০, ৩১, ৩২, ৩৩, ৩৪, ৩৫, ৩৬, ৩৭, ৩৮, ৩৯, ৪০, ৪১, ৪২, ৪৩, ৪৪, ৪৫, ৪৬	২৬টি	তারিখ :- ০৫/০৩/২০১৮ খ্রিঃ সকাল ১০.০০ থেকে দুপুর ০১.০০ ঘটিকা এবং দুপুর ০২.০০ থেকে বিকাল ০৩.৩০ ঘটিকা পর্যন্ত
	রোড নং-২১৯	৪, ৬, ৮, ১০, ১২, ১৪, ১৬, ১৮, ২০, ২২, ২৪, ২৬, ২৮, ৩০, ৩২	১৫টি	
	রোড নং-২১৯এ	১, ২, ৩, ৪, ৫, ৬, ৭, ৮, ৯, ১০, ১১, ১২, ১৩, ১৪, ১৫, ১৬	১৬টি	
	রোড নং-২১৯বি	১, ২, ৩, ৪, ৫, ৬, ৭, ৮, ৯, ১০, ১১, ১২, ১৩, ১৪, ১৫, ১৬, ১৭, ১৮, ১৯	১৯টি	
(এরপর ১১ পৃষ্ঠায় দেখুন)
